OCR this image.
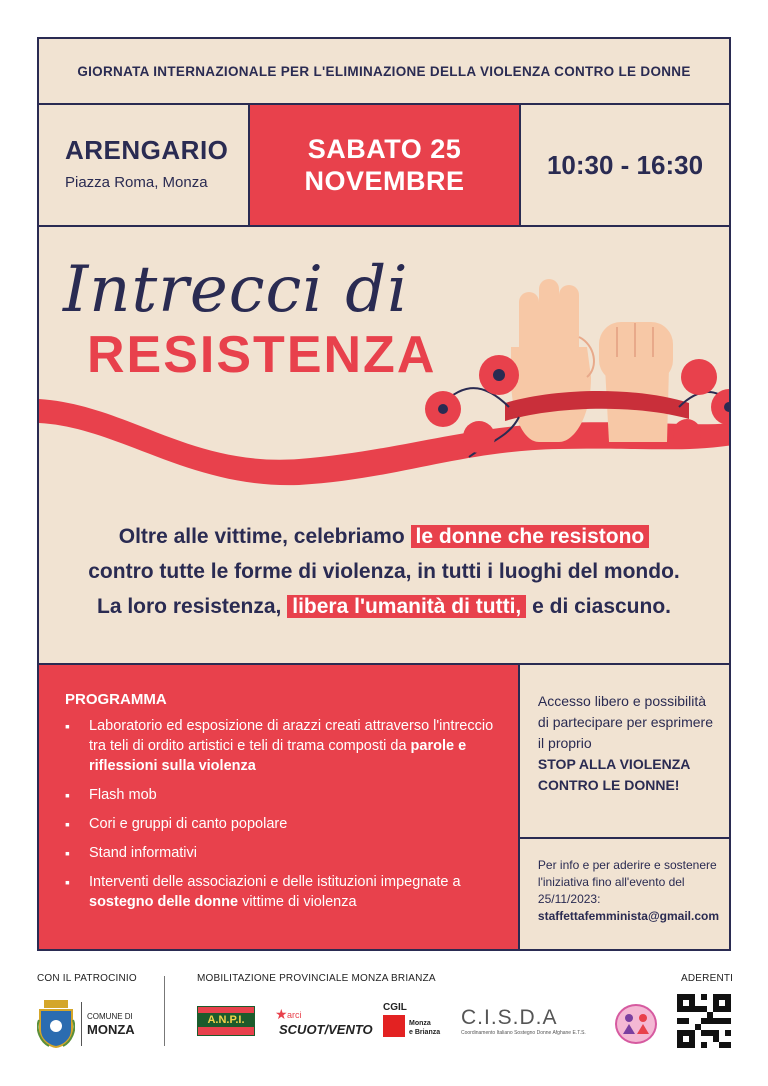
GIORNATA INTERNAZIONALE PER L'ELIMINAZIONE DELLA VIOLENZA CONTRO LE DONNE
ARENGARIO
Piazza Roma, Monza
SABATO 25
NOVEMBRE
10:30 - 16:30
Intrecci di
RESISTENZA
Oltre alle vittime, celebriamo le donne che resistono
contro tutte le forme di violenza, in tutti i luoghi del mondo.
La loro resistenza, libera l'umanità di tutti, e di ciascuno.
PROGRAMMA
▪ Laboratorio ed esposizione di arazzi creati attraverso l'intreccio tra teli di ordito artistici e teli di trama composti da parole e riflessioni sulla violenza
▪ Flash mob
▪ Cori e gruppi di canto popolare
▪ Stand informativi
▪ Interventi delle associazioni e delle istituzioni impegnate a sostegno delle donne vittime di violenza
Accesso libero e possibilità di partecipare per esprimere il proprio
STOP ALLA VIOLENZA CONTRO LE DONNE!
Per info e per aderire e sostenere l'iniziativa fino all'evento del 25/11/2023:
staffettafemminista@gmail.com
CON IL PATROCINIO	MOBILITAZIONE PROVINCIALE MONZA BRIANZA	ADERENTI
COMUNE DI
MONZA
A.N.P.I.	★ arci
SCUOT/VENTO
CGIL
Monza
e Brianza
C.I.S.D.A
Coordinamento Italiano Sostegno Donne Afghane E.T.S.
